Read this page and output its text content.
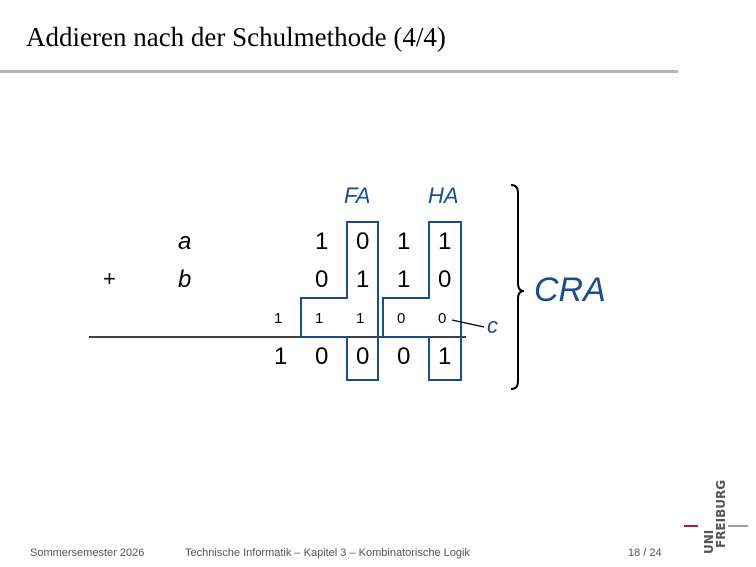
Addieren nach der Schulmethode (4/4)
FA	HA
a	1 0 1 1
+	b	0 1 1 0
1 1 1 0 0 c
1 0 0 0 1
CRA
Sommersemester 2026	Technische Informatik – Kapitel 3 – Kombinatorische Logik	18 / 24	UNI
FREIBURG
